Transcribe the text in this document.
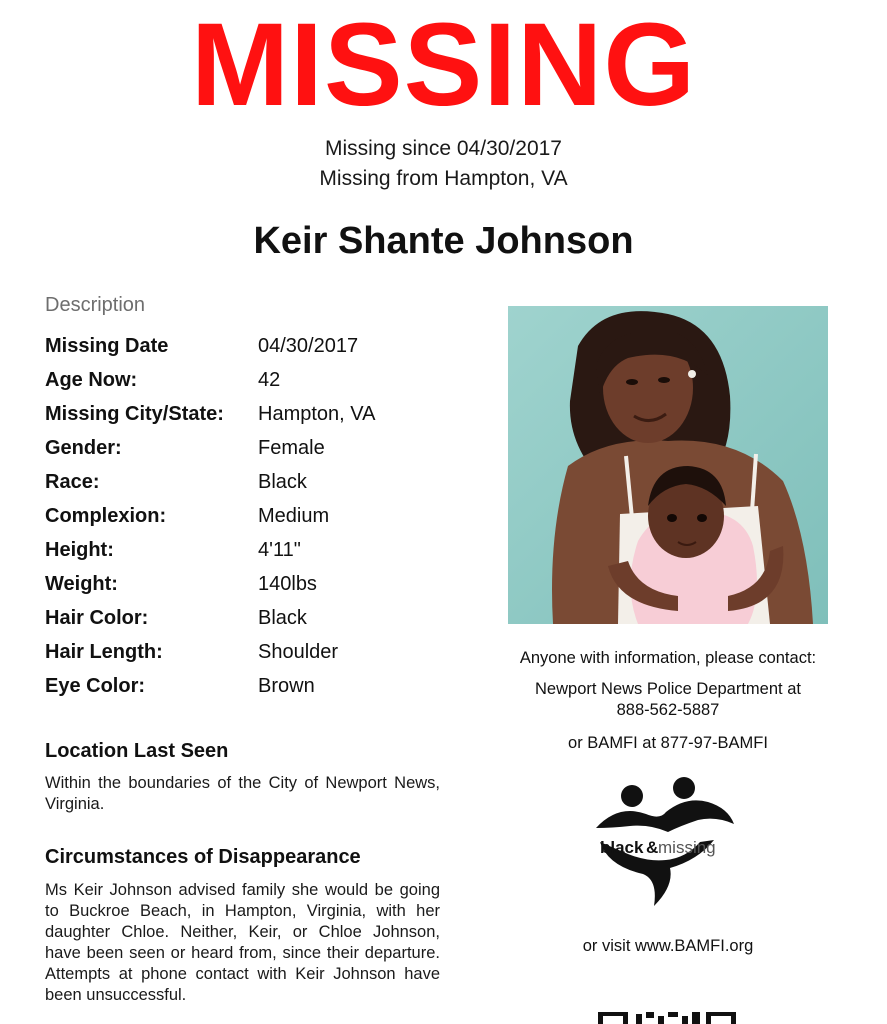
MISSING
Missing since 04/30/2017
Missing from Hampton, VA
Keir Shante Johnson
Description
Missing Date	04/30/2017
Age Now:	42
Missing City/State: Hampton, VA
Gender:	Female
Race:	Black
Complexion:	Medium
Height:	4'11"
Weight:	140lbs
Hair Color:	Black
Hair Length:	Shoulder
Eye Color:	Brown
Location Last Seen
Within the boundaries of the City of Newport News, Virginia.
Circumstances of Disappearance
Ms Keir Johnson advised family she would be going to Buckroe Beach, in Hampton, Virginia, with her daughter Chloe. Neither, Keir, or Chloe Johnson, have been seen or heard from, since their departure. Attempts at phone contact with Keir Johnson have been unsuccessful.
Anyone with information, please contact:
Newport News Police Department at
888-562-5887
or BAMFI at 877-97-BAMFI
black & missing
or visit www.BAMFI.org
